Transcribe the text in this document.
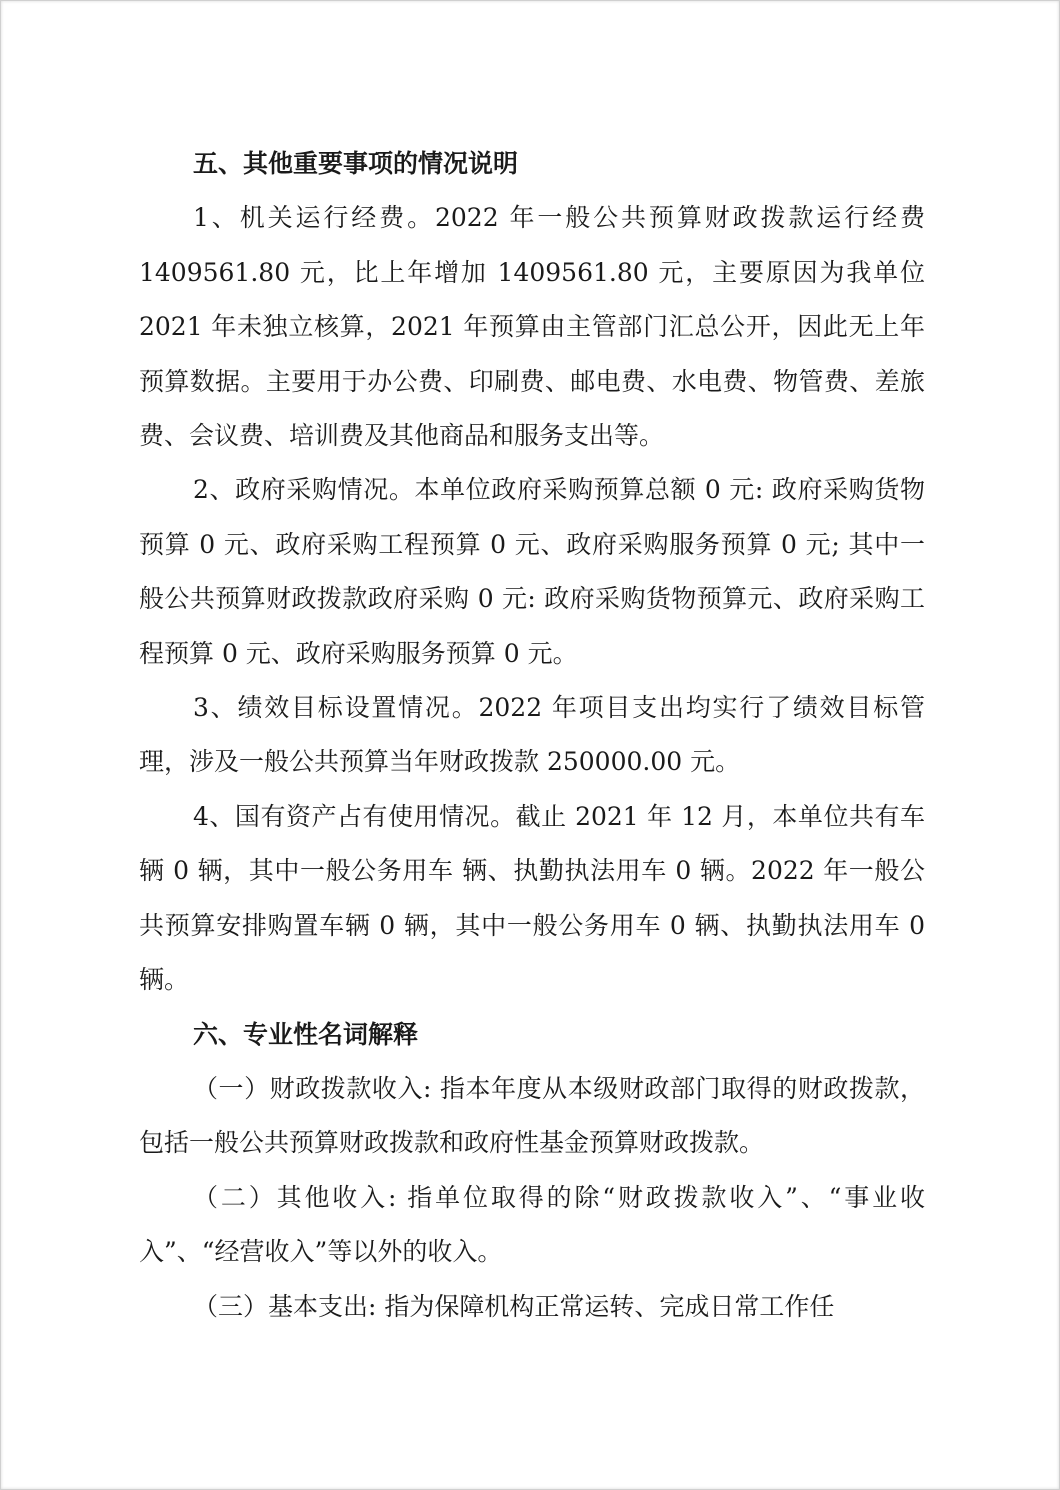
五、其他重要事项的情况说明

1、机关运行经费。2022 年一般公共预算财政拨款运行经费 1409561.80 元，比上年增加 1409561.80 元，主要原因为我单位 2021 年未独立核算，2021 年预算由主管部门汇总公开，因此无上年预算数据。主要用于办公费、印刷费、邮电费、水电费、物管费、差旅费、会议费、培训费及其他商品和服务支出等。

2、政府采购情况。本单位政府采购预算总额 0 元: 政府采购货物预算 0 元、政府采购工程预算 0 元、政府采购服务预算 0 元; 其中一般公共预算财政拨款政府采购 0 元: 政府采购货物预算元、政府采购工程预算 0 元、政府采购服务预算 0 元。

3、绩效目标设置情况。2022 年项目支出均实行了绩效目标管理，涉及一般公共预算当年财政拨款 250000.00 元。

4、国有资产占有使用情况。截止 2021 年 12 月，本单位共有车辆 0 辆，其中一般公务用车 辆、执勤执法用车 0 辆。2022 年一般公共预算安排购置车辆 0 辆，其中一般公务用车 0 辆、执勤执法用车 0 辆。

六、专业性名词解释

（一）财政拨款收入: 指本年度从本级财政部门取得的财政拨款，包括一般公共预算财政拨款和政府性基金预算财政拨款。

（二）其他收入: 指单位取得的除“财政拨款收入”、“事业收入”、“经营收入”等以外的收入。

（三）基本支出: 指为保障机构正常运转、完成日常工作任
